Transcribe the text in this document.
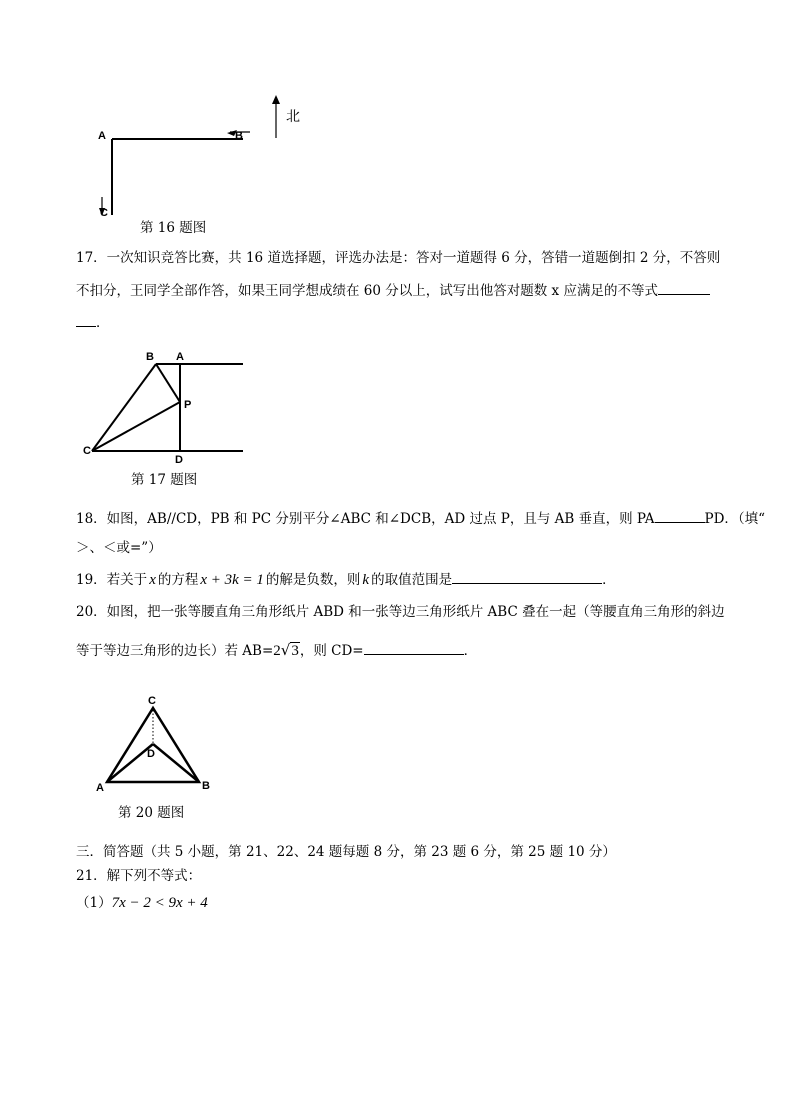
A	B
C
北
第 16 题图
17．一次知识竞答比赛，共 16 道选择题，评选办法是：答对一道题得 6 分，答错一道题倒扣 2 分，不答则
不扣分，王同学全部作答，如果王同学想成绩在 60 分以上，试写出他答对题数 x 应满足的不等式
．
B A
P
C
D
第 17 题图
18．如图，AB//CD，PB 和 PC 分别平分∠ABC 和∠DCB，AD 过点 P，且与 AB 垂直，则 PA	PD．（填“
＞、＜或=”）
19．若关于 x 的方程 x + 3k = 1 的解是负数，则 k 的取值范围是	．
20．如图，把一张等腰直角三角形纸片 ABD 和一张等边三角形纸片 ABC 叠在一起（等腰直角三角形的斜边
等于等边三角形的边长）若 AB=2√3，则 CD=	．
C
D
A	B
第 20 题图
三．简答题（共 5 小题，第 21、22、24 题每题 8 分，第 23 题 6 分，第 25 题 10 分）
21．解下列不等式：
（1）7x − 2 < 9x + 4
